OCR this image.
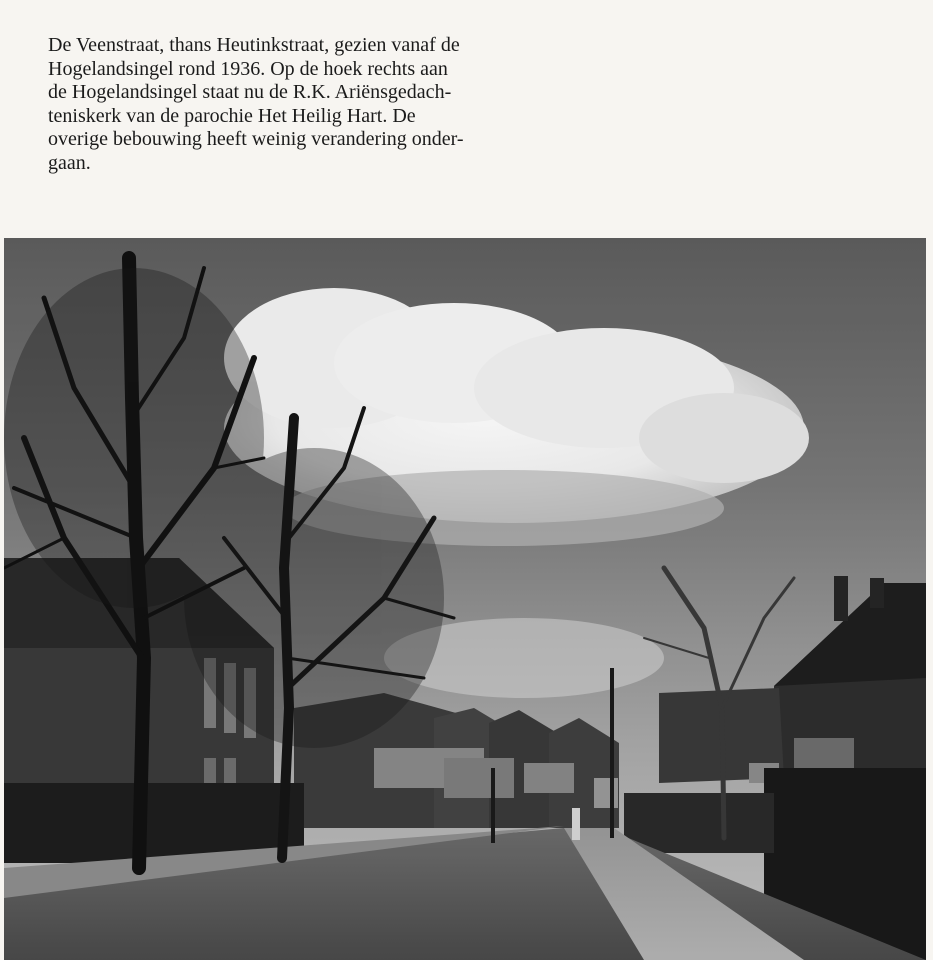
De Veenstraat, thans Heutinkstraat, gezien vanaf de
Hogelandsingel rond 1936. Op de hoek rechts aan
de Hogelandsingel staat nu de R.K. Ariënsgedach-
teniskerk van de parochie Het Heilig Hart. De
overige bebouwing heeft weinig verandering onder-
gaan.
